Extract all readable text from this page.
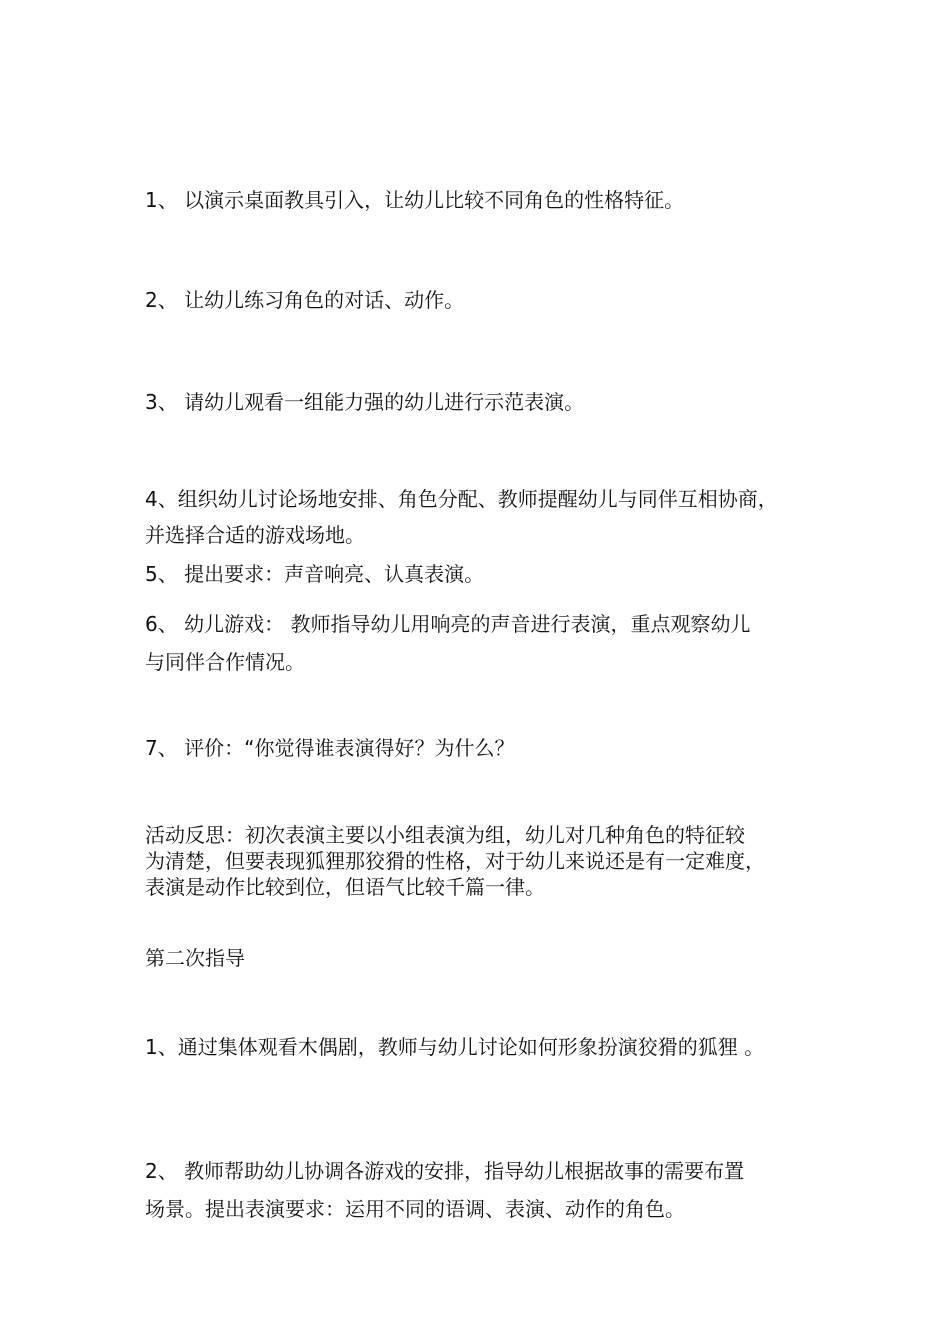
1、 以演示桌面教具引入，让幼儿比较不同角色的性格特征。
2、 让幼儿练习角色的对话、动作。
3、 请幼儿观看一组能力强的幼儿进行示范表演。
4、组织幼儿讨论场地安排、角色分配、教师提醒幼儿与同伴互相协商，
并选择合适的游戏场地。
5、 提出要求：声音响亮、认真表演。
6、 幼儿游戏： 教师指导幼儿用响亮的声音进行表演，重点观察幼儿
与同伴合作情况。
7、 评价：“你觉得谁表演得好？为什么？
活动反思：初次表演主要以小组表演为组，幼儿对几种角色的特征较
为清楚，但要表现狐狸那狡猾的性格，对于幼儿来说还是有一定难度，
表演是动作比较到位，但语气比较千篇一律。
第二次指导
1、通过集体观看木偶剧，教师与幼儿讨论如何形象扮演狡猾的狐狸 。
2、 教师帮助幼儿协调各游戏的安排，指导幼儿根据故事的需要布置
场景。提出表演要求：运用不同的语调、表演、动作的角色。
